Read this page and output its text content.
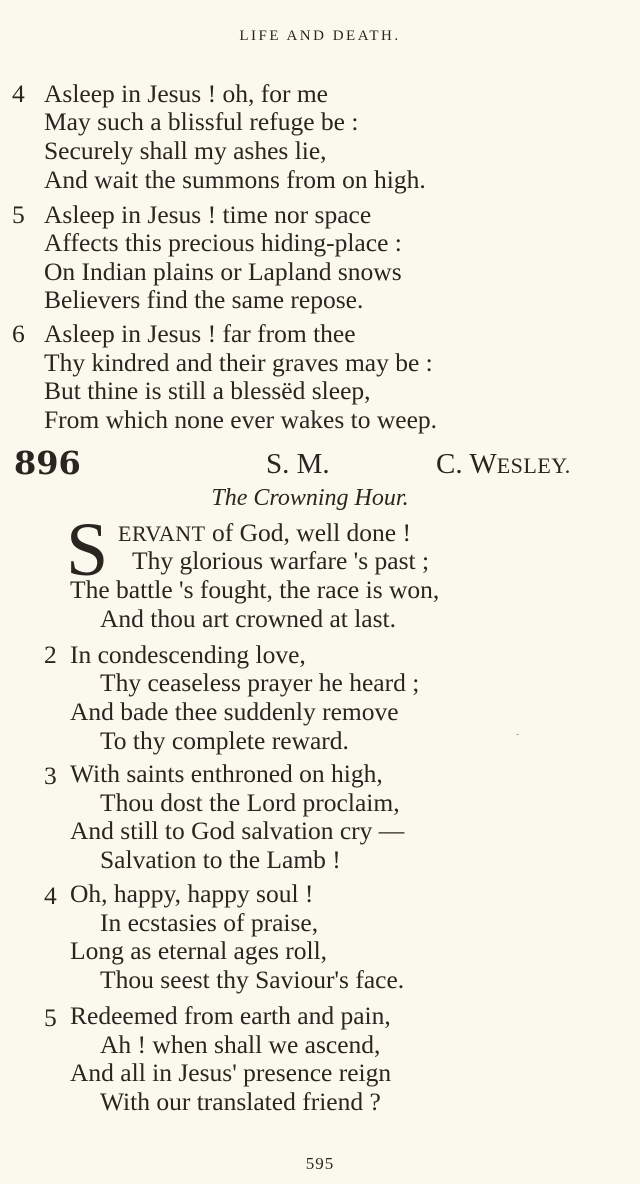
LIFE AND DEATH.
4 Asleep in Jesus ! oh, for me
May such a blissful refuge be :
Securely shall my ashes lie,
And wait the summons from on high.
5 Asleep in Jesus ! time nor space
Affects this precious hiding-place :
On Indian plains or Lapland snows
Believers find the same repose.
6 Asleep in Jesus ! far from thee
Thy kindred and their graves may be :
But thine is still a blessëd sleep,
From which none ever wakes to weep.
896	S. M.	C. WESLEY.
The Crowning Hour.
S ERVANT of God, well done !
Thy glorious warfare 's past ;
The battle 's fought, the race is won,
And thou art crowned at last.
2 In condescending love,
Thy ceaseless prayer he heard ;
And bade thee suddenly remove
To thy complete reward.
3 With saints enthroned on high,
Thou dost the Lord proclaim,
And still to God salvation cry —
Salvation to the Lamb !
4 Oh, happy, happy soul !
In ecstasies of praise,
Long as eternal ages roll,
Thou seest thy Saviour's face.
5 Redeemed from earth and pain,
Ah ! when shall we ascend,
And all in Jesus' presence reign
With our translated friend ?
595
